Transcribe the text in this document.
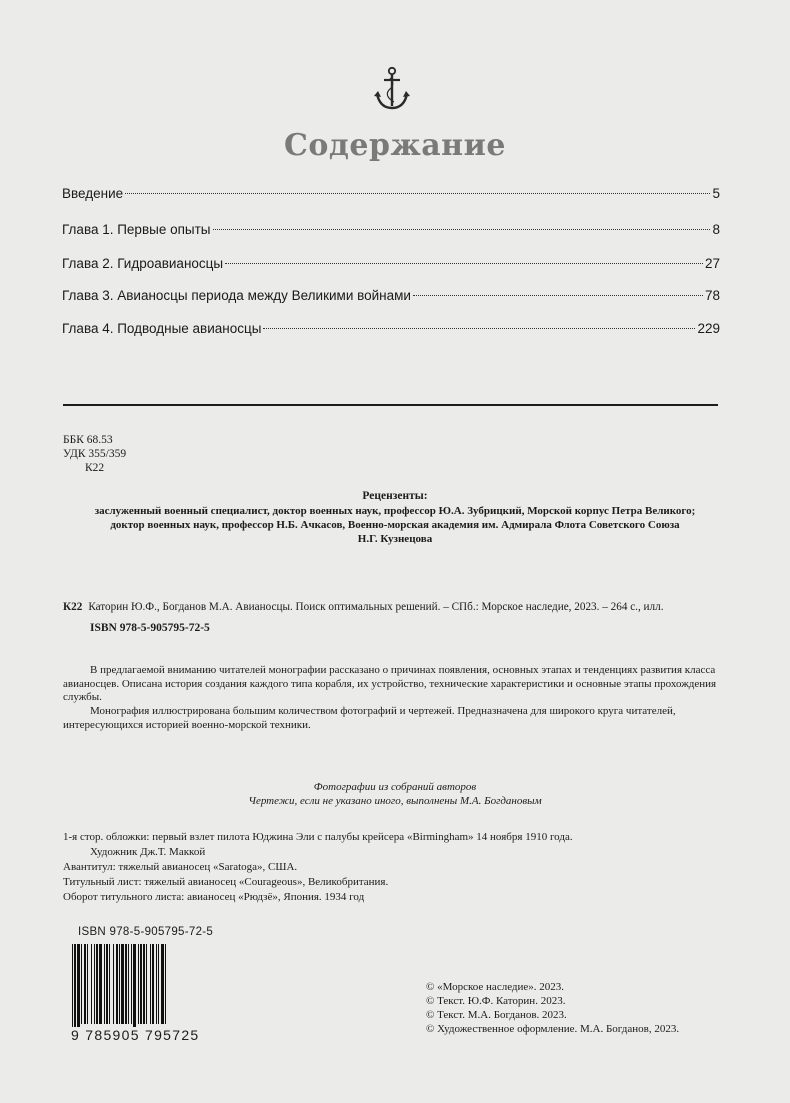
Содержание
Введение	5
Глава 1. Первые опыты	8
Глава 2. Гидроавианосцы	27
Глава 3. Авианосцы периода между Великими войнами	78
Глава 4. Подводные авианосцы	229
ББК 68.53
УДК 355/359
К22
Рецензенты:
заслуженный военный специалист, доктор военных наук, профессор Ю.А. Зубрицкий, Морской корпус Петра Великого;
доктор военных наук, профессор Н.Б. Ачкасов, Военно-морская академия им. Адмирала Флота Советского Союза
Н.Г. Кузнецова
К22 Каторин Ю.Ф., Богданов М.А. Авианосцы. Поиск оптимальных решений. – СПб.: Морское наследие, 2023. – 264 с., илл.
ISBN 978-5-905795-72-5
В предлагаемой вниманию читателей монографии рассказано о причинах появления, основных этапах и тенденциях развития класса авианосцев. Описана история создания каждого типа корабля, их устройство, технические характеристики и основные этапы прохождения службы.
Монография иллюстрирована большим количеством фотографий и чертежей. Предназначена для широкого круга читателей, интересующихся историей военно-морской техники.
Фотографии из собраний авторов
Чертежи, если не указано иного, выполнены М.А. Богдановым
1-я стор. обложки: первый взлет пилота Юджина Эли с палубы крейсера «Birmingham» 14 ноября 1910 года.
Художник Дж.Т. Маккой
Авантитул: тяжелый авианосец «Saratoga», США.
Титульный лист: тяжелый авианосец «Courageous», Великобритания.
Оборот титульного листа: авианосец «Рюдзё», Япония. 1934 год
ISBN 978-5-905795-72-5
9 785905 795725
© «Морское наследие». 2023.
© Текст. Ю.Ф. Каторин. 2023.
© Текст. М.А. Богданов. 2023.
© Художественное оформление. М.А. Богданов, 2023.
